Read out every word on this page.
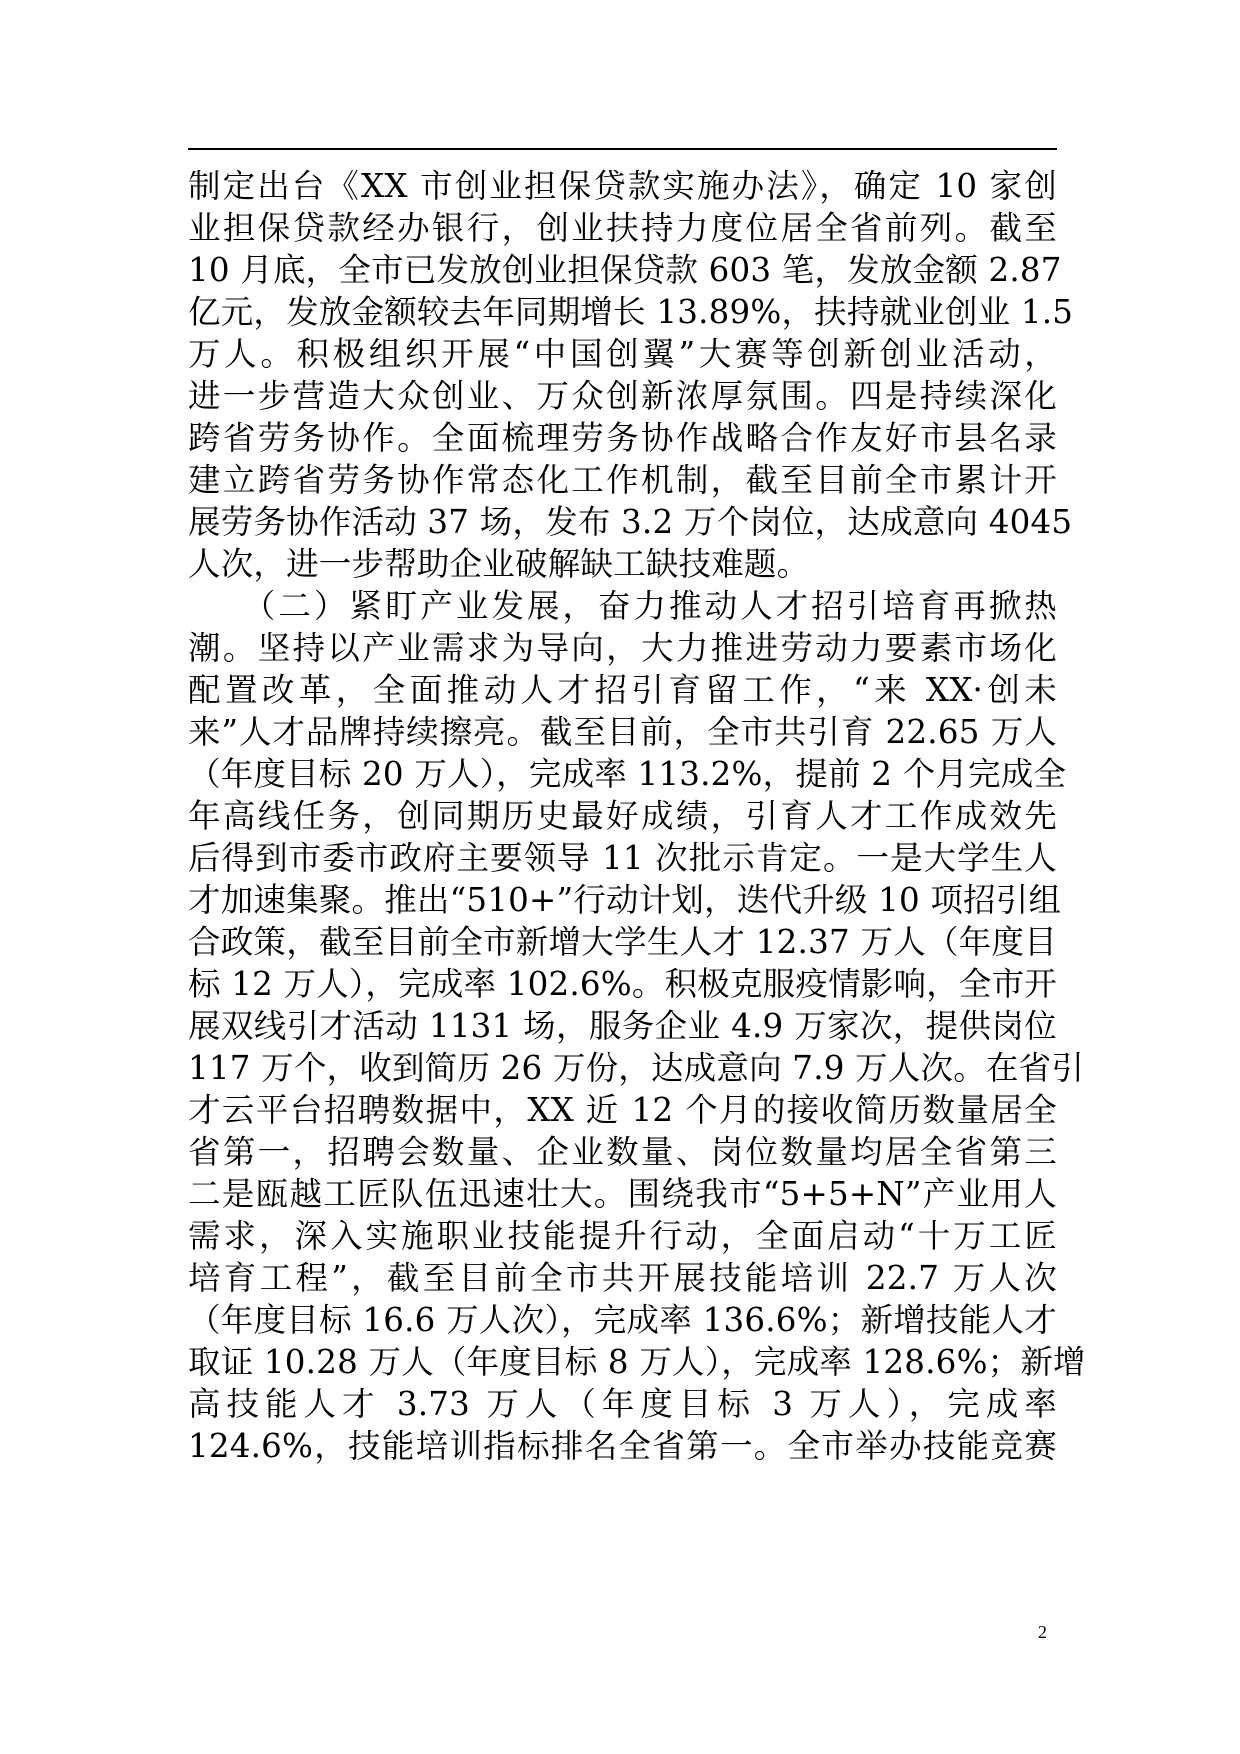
制定出台《XX 市创业担保贷款实施办法》，确定 10 家创
业担保贷款经办银行，创业扶持力度位居全省前列。截至
10 月底，全市已发放创业担保贷款 603 笔，发放金额 2.87
亿元，发放金额较去年同期增长 13.89%，扶持就业创业 1.5
万人。积极组织开展“中国创翼”大赛等创新创业活动，
进一步营造大众创业、万众创新浓厚氛围。四是持续深化
跨省劳务协作。全面梳理劳务协作战略合作友好市县名录
建立跨省劳务协作常态化工作机制，截至目前全市累计开
展劳务协作活动 37 场，发布 3.2 万个岗位，达成意向 4045
人次，进一步帮助企业破解缺工缺技难题。
　　（二）紧盯产业发展，奋力推动人才招引培育再掀热
潮。坚持以产业需求为导向，大力推进劳动力要素市场化
配置改革，全面推动人才招引育留工作，“来 XX·创未
来”人才品牌持续擦亮。截至目前，全市共引育 22.65 万人
（年度目标 20 万人），完成率 113.2%，提前 2 个月完成全
年高线任务，创同期历史最好成绩，引育人才工作成效先
后得到市委市政府主要领导 11 次批示肯定。一是大学生人
才加速集聚。推出“510+”行动计划，迭代升级 10 项招引组
合政策，截至目前全市新增大学生人才 12.37 万人（年度目
标 12 万人），完成率 102.6%。积极克服疫情影响，全市开
展双线引才活动 1131 场，服务企业 4.9 万家次，提供岗位
117 万个，收到简历 26 万份，达成意向 7.9 万人次。在省引
才云平台招聘数据中，XX 近 12 个月的接收简历数量居全
省第一，招聘会数量、企业数量、岗位数量均居全省第三
二是瓯越工匠队伍迅速壮大。围绕我市“5+5+N”产业用人
需求，深入实施职业技能提升行动，全面启动“十万工匠
培育工程”，截至目前全市共开展技能培训 22.7 万人次
（年度目标 16.6 万人次），完成率 136.6%；新增技能人才
取证 10.28 万人（年度目标 8 万人），完成率 128.6%；新增
高技能人才 3.73 万人（年度目标 3 万人），完成率
124.6%，技能培训指标排名全省第一。全市举办技能竞赛
2
